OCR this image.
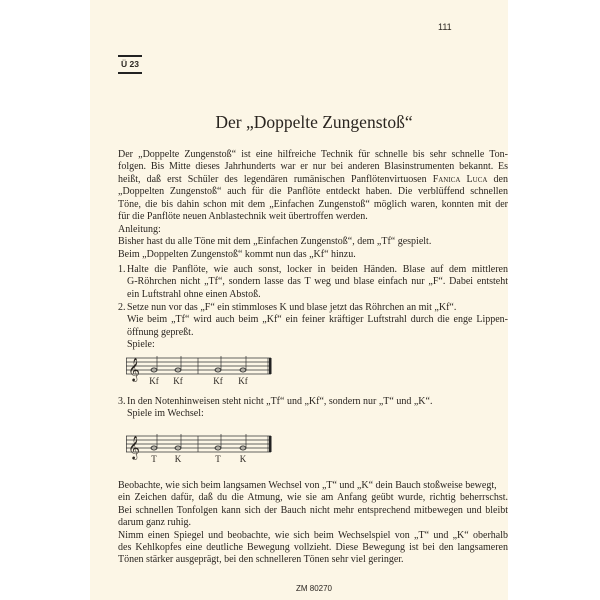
111
Ü 23
Der „Doppelte Zungenstoß“
Der „Doppelte Zungenstoß“ ist eine hilfreiche Technik für schnelle bis sehr schnelle Ton-
folgen. Bis Mitte dieses Jahrhunderts war er nur bei anderen Blasinstrumenten bekannt. Es
heißt, daß erst Schüler des legendären rumänischen Panflötenvirtuosen Fanica Luca den
„Doppelten Zungenstoß“ auch für die Panflöte entdeckt haben. Die verblüffend schnellen
Töne, die bis dahin schon mit dem „Einfachen Zungenstoß“ möglich waren, konnten mit der
für die Panflöte neuen Anblastechnik weit übertroffen werden.
Anleitung:
Bisher hast du alle Töne mit dem „Einfachen Zungenstoß“, dem „Tf“ gespielt.
Beim „Doppelten Zungenstoß“ kommt nun das „Kf“ hinzu.
1. Halte die Panflöte, wie auch sonst, locker in beiden Händen. Blase auf dem mittleren
G-Röhrchen nicht „Tf“, sondern lasse das T weg und blase einfach nur „F“. Dabei entsteht
ein Luftstrahl ohne einen Abstoß.
2. Setze nun vor das „F“ ein stimmloses K und blase jetzt das Röhrchen an mit „Kf“.
Wie beim „Tf“ wird auch beim „Kf“ ein feiner kräftiger Luftstrahl durch die enge Lippen-
öffnung gepreßt.
Spiele:
𝄞 Kf Kf	Kf Kf
3. In den Notenhinweisen steht nicht „Tf“ und „Kf“, sondern nur „T“ und „K“.
Spiele im Wechsel:
𝄞 T K	T K
Beobachte, wie sich beim langsamen Wechsel von „T“ und „K“ dein Bauch stoßweise bewegt,
ein Zeichen dafür, daß du die Atmung, wie sie am Anfang geübt wurde, richtig beherrschst.
Bei schnellen Tonfolgen kann sich der Bauch nicht mehr entsprechend mitbewegen und bleibt
darum ganz ruhig.
Nimm einen Spiegel und beobachte, wie sich beim Wechselspiel von „T“ und „K“ oberhalb
des Kehlkopfes eine deutliche Bewegung vollzieht. Diese Bewegung ist bei den langsameren
Tönen stärker ausgeprägt, bei den schnelleren Tönen sehr viel geringer.
ZM 80270
